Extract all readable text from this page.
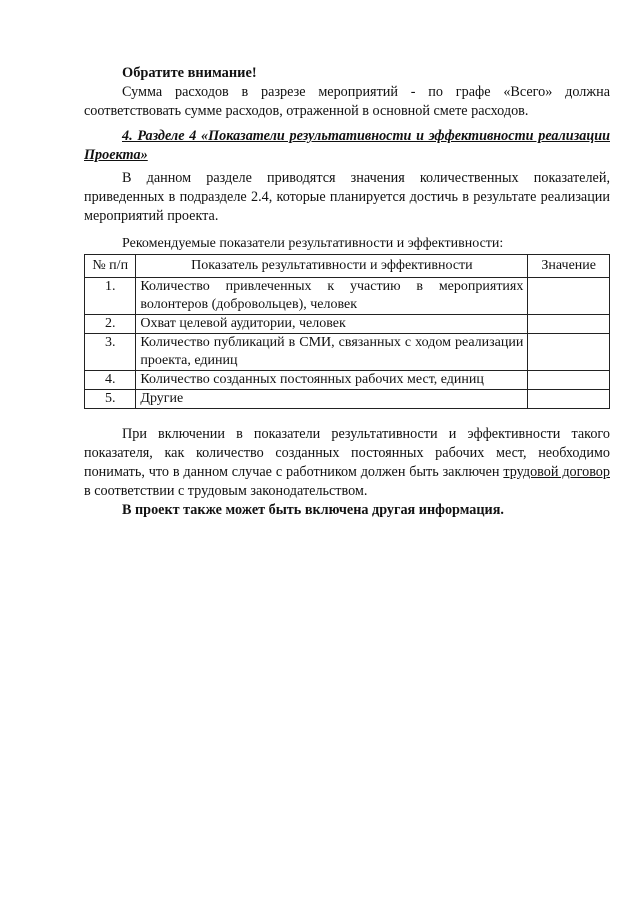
Обратите внимание!

Сумма расходов в разрезе мероприятий - по графе «Всего» должна соответствовать сумме расходов, отраженной в основной смете расходов.

4. Разделе 4 «Показатели результативности и эффективности реализации Проекта»

В данном разделе приводятся значения количественных показателей, приведенных в подразделе 2.4, которые планируется достичь в результате реализации мероприятий проекта.

Рекомендуемые показатели результативности и эффективности:

№ п/п	Показатель результативности и эффективности	Значение
1.	Количество привлеченных к участию в мероприятиях волонтеров (добровольцев), человек	
2.	Охват целевой аудитории, человек	
3.	Количество публикаций в СМИ, связанных с ходом реализации проекта, единиц	
4.	Количество созданных постоянных рабочих мест, единиц	
5.	Другие	

При включении в показатели результативности и эффективности такого показателя, как количество созданных постоянных рабочих мест, необходимо понимать, что в данном случае с работником должен быть заключен трудовой договор в соответствии с трудовым законодательством.

В проект также может быть включена другая информация.
